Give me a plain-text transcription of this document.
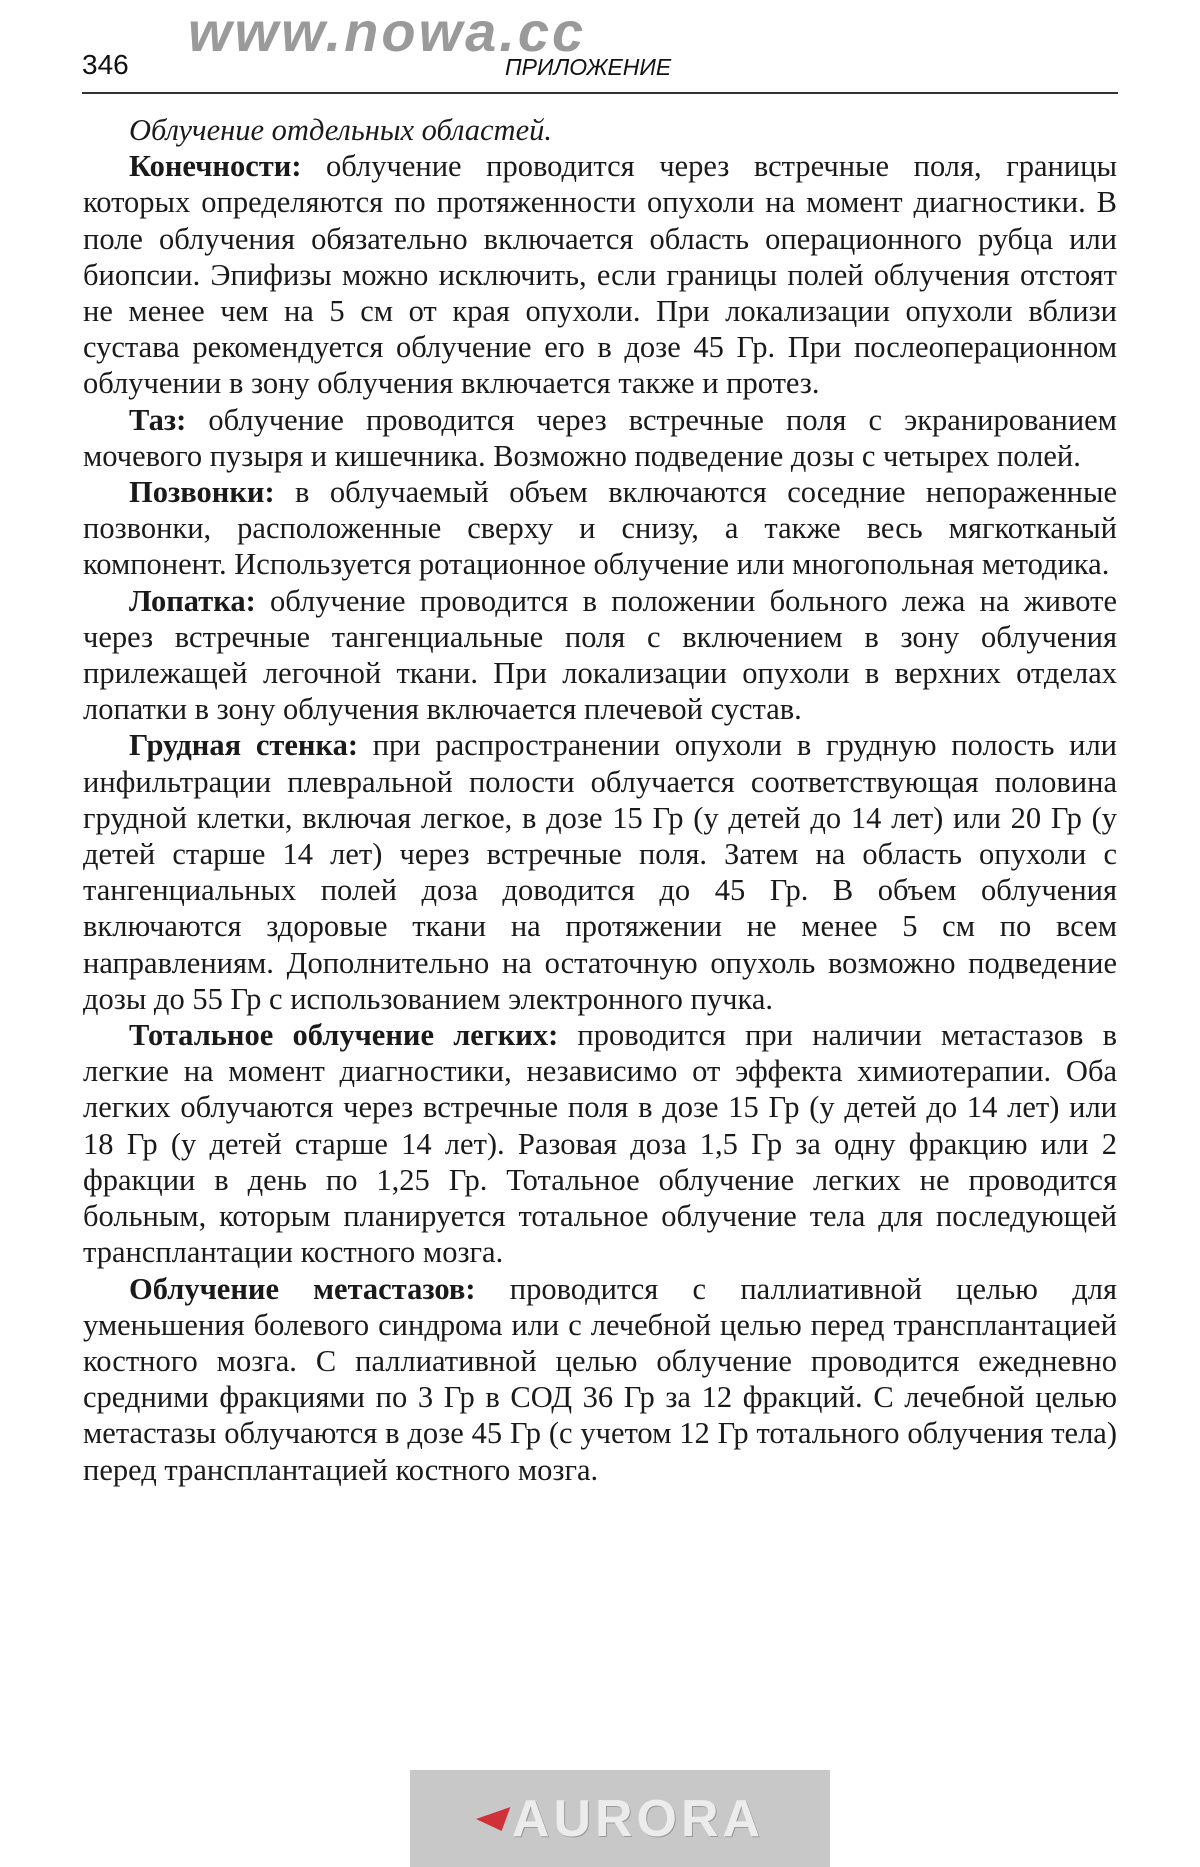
www.nowa.cc
346	ПРИЛОЖЕНИЕ

Облучение отдельных областей.

Конечности: облучение проводится через встречные поля, границы которых определяются по протяженности опухоли на момент диагностики. В поле облучения обязательно включается область операционного рубца или биопсии. Эпифизы можно исключить, если границы полей облучения отстоят не менее чем на 5 см от края опухоли. При локализации опухоли вблизи сустава рекомендуется облучение его в дозе 45 Гр. При послеоперационном облучении в зону облучения включается также и протез.

Таз: облучение проводится через встречные поля с экранированием мочевого пузыря и кишечника. Возможно подведение дозы с четырех полей.

Позвонки: в облучаемый объем включаются соседние непораженные позвонки, расположенные сверху и снизу, а также весь мягкотканый компонент. Используется ротационное облучение или многопольная методика.

Лопатка: облучение проводится в положении больного лежа на животе через встречные тангенциальные поля с включением в зону облучения прилежащей легочной ткани. При локализации опухоли в верхних отделах лопатки в зону облучения включается плечевой сустав.

Грудная стенка: при распространении опухоли в грудную полость или инфильтрации плевральной полости облучается соответствующая половина грудной клетки, включая легкое, в дозе 15 Гр (у детей до 14 лет) или 20 Гр (у детей старше 14 лет) через встречные поля. Затем на область опухоли с тангенциальных полей доза доводится до 45 Гр. В объем облучения включаются здоровые ткани на протяжении не менее 5 см по всем направлениям. Дополнительно на остаточную опухоль возможно подведение дозы до 55 Гр с использованием электронного пучка.

Тотальное облучение легких: проводится при наличии метастазов в легкие на момент диагностики, независимо от эффекта химиотерапии. Оба легких облучаются через встречные поля в дозе 15 Гр (у детей до 14 лет) или 18 Гр (у детей старше 14 лет). Разовая доза 1,5 Гр за одну фракцию или 2 фракции в день по 1,25 Гр. Тотальное облучение легких не проводится больным, которым планируется тотальное облучение тела для последующей трансплантации костного мозга.

Облучение метастазов: проводится с паллиативной целью для уменьшения болевого синдрома или с лечебной целью перед трансплантацией костного мозга. С паллиативной целью облучение проводится ежедневно средними фракциями по 3 Гр в СОД 36 Гр за 12 фракций. С лечебной целью метастазы облучаются в дозе 45 Гр (с учетом 12 Гр тотального облучения тела) перед трансплантацией костного мозга.

AURORA
